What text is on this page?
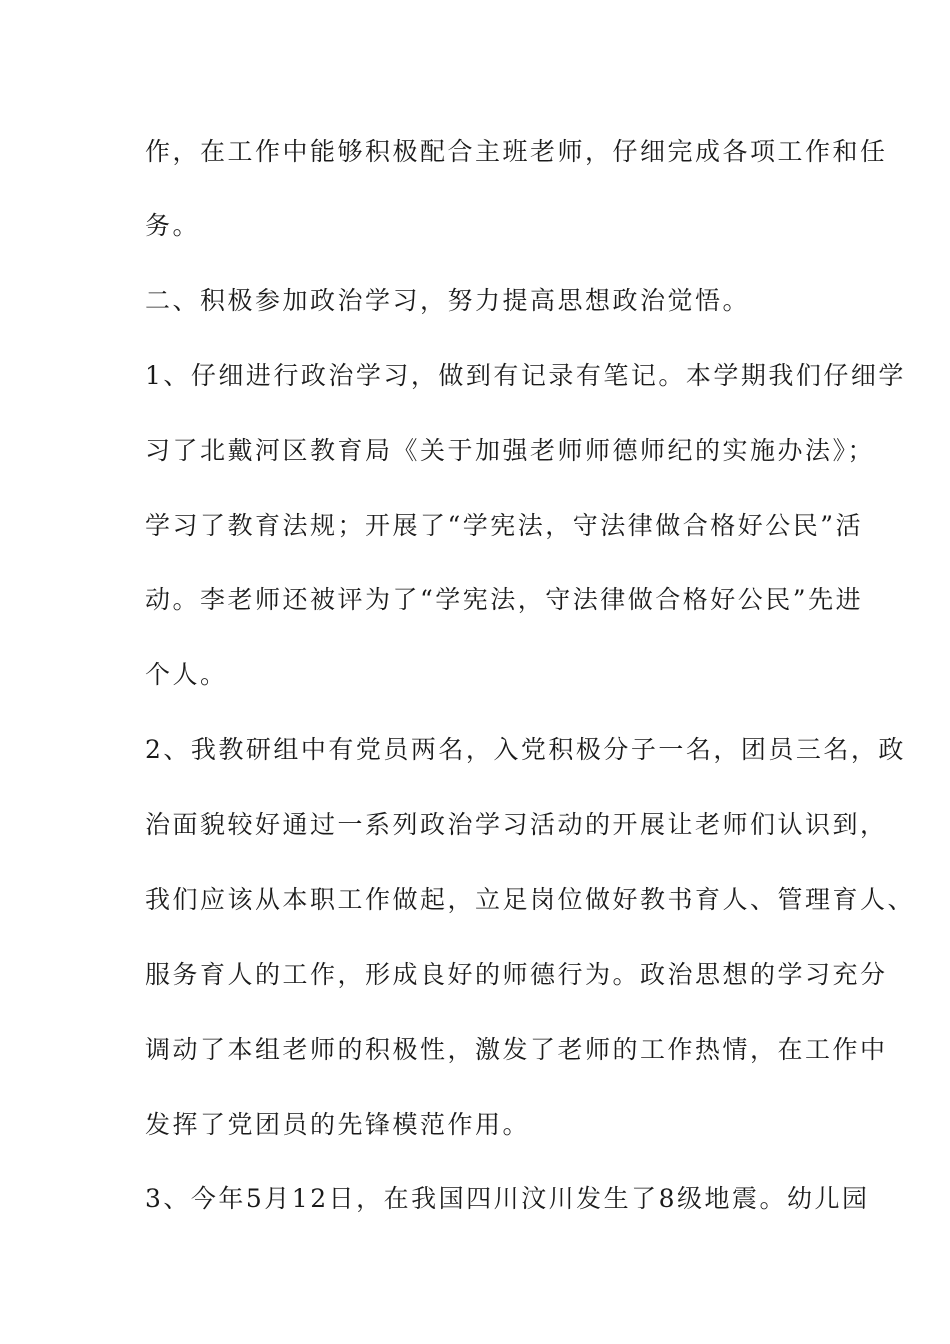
作，在工作中能够积极配合主班老师，仔细完成各项工作和任
务。
二、积极参加政治学习，努力提高思想政治觉悟。
1、仔细进行政治学习，做到有记录有笔记。本学期我们仔细学
习了北戴河区教育局《关于加强老师师德师纪的实施办法》；
学习了教育法规；开展了“学宪法，守法律做合格好公民”活
动。李老师还被评为了“学宪法，守法律做合格好公民”先进
个人。
2、我教研组中有党员两名，入党积极分子一名，团员三名，政
治面貌较好通过一系列政治学习活动的开展让老师们认识到，
我们应该从本职工作做起，立足岗位做好教书育人、管理育人、
服务育人的工作，形成良好的师德行为。政治思想的学习充分
调动了本组老师的积极性，激发了老师的工作热情，在工作中
发挥了党团员的先锋模范作用。
3、今年5月12日，在我国四川汶川发生了8级地震。幼儿园
